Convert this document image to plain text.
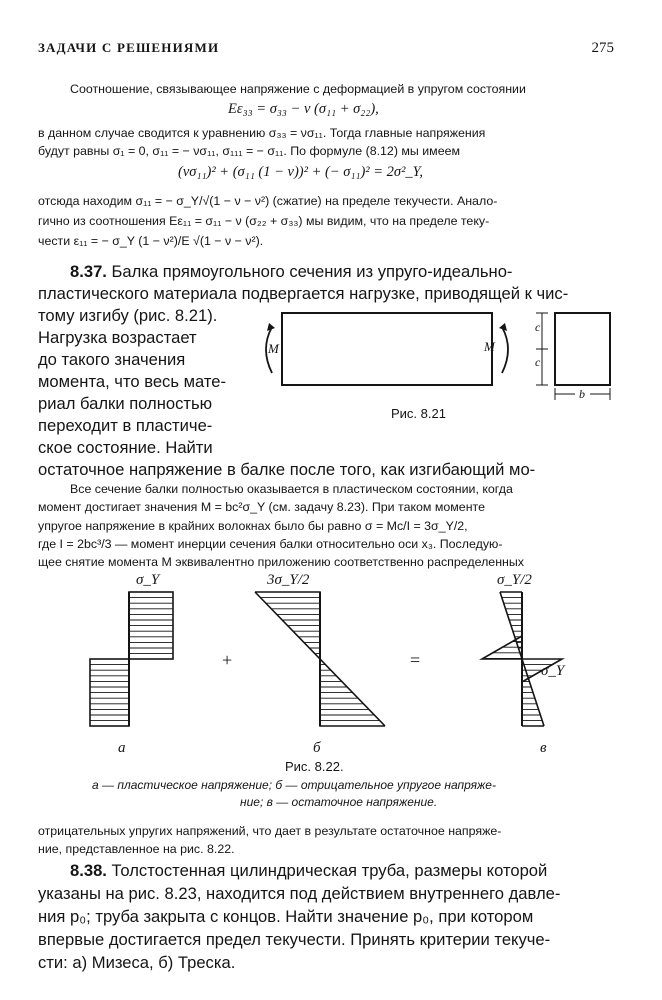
ЗАДАЧИ С РЕШЕНИЯМИ	275
Соотношение, связывающее напряжение с деформацией в упругом состоянии
Eε₃₃ = σ₃₃ − ν (σ₁₁ + σ₂₂),
в данном случае сводится к уравнению σ₃₃ = νσ₁₁. Тогда главные напряжения
будут равны σ₁ = 0, σ₁₁ = − νσ₁₁, σ₁₁₁ = − σ₁₁. По формуле (8.12) мы имеем
(νσ₁₁)² + (σ₁₁ (1 − ν))² + (− σ₁₁)² = 2σ²_Y,
отсюда находим σ₁₁ = − σ_Y/√(1 − ν − ν²) (сжатие) на пределе текучести. Анало-
гично из соотношения Eε₁₁ = σ₁₁ − ν (σ₂₂ + σ₃₃) мы видим, что на пределе теку-
чести ε₁₁ = − σ_Y (1 − ν²)/E √(1 − ν − ν²).
8.37. Балка прямоугольного сечения из упруго-идеально-
пластического материала подвергается нагрузке, приводящей к чис-
тому изгибу (рис. 8.21).
Нагрузка возрастает
до такого значения
момента, что весь мате-
риал балки полностью
переходит в пластиче-
ское состояние. Найти
M	M
c
c
b
Рис. 8.21
остаточное напряжение в балке после того, как изгибающий мо-
Все сечение балки полностью оказывается в пластическом состоянии, когда
момент достигает значения M = bc²σ_Y (см. задачу 8.23). При таком моменте
упругое напряжение в крайних волокнах было бы равно σ = Mc/I = 3σ_Y/2,
где I = 2bc³/3 — момент инерции сечения балки относительно оси x₃. Последую-
щее снятие момента M эквивалентно приложению соответственно распределенных
σ_Y	3σ_Y/2	σ_Y/2
σ_Y
+	=
a	б	в
Рис. 8.22.
a — пластическое напряжение; б — отрицательное упругое напряже-
ние; в — остаточное напряжение.
отрицательных упругих напряжений, что дает в результате остаточное напряже-
ние, представленное на рис. 8.22.
8.38. Толстостенная цилиндрическая труба, размеры которой
указаны на рис. 8.23, находится под действием внутреннего давле-
ния p₀; труба закрыта с концов. Найти значение p₀, при котором
впервые достигается предел текучести. Принять критерии текуче-
сти: а) Мизеса, б) Треска.
